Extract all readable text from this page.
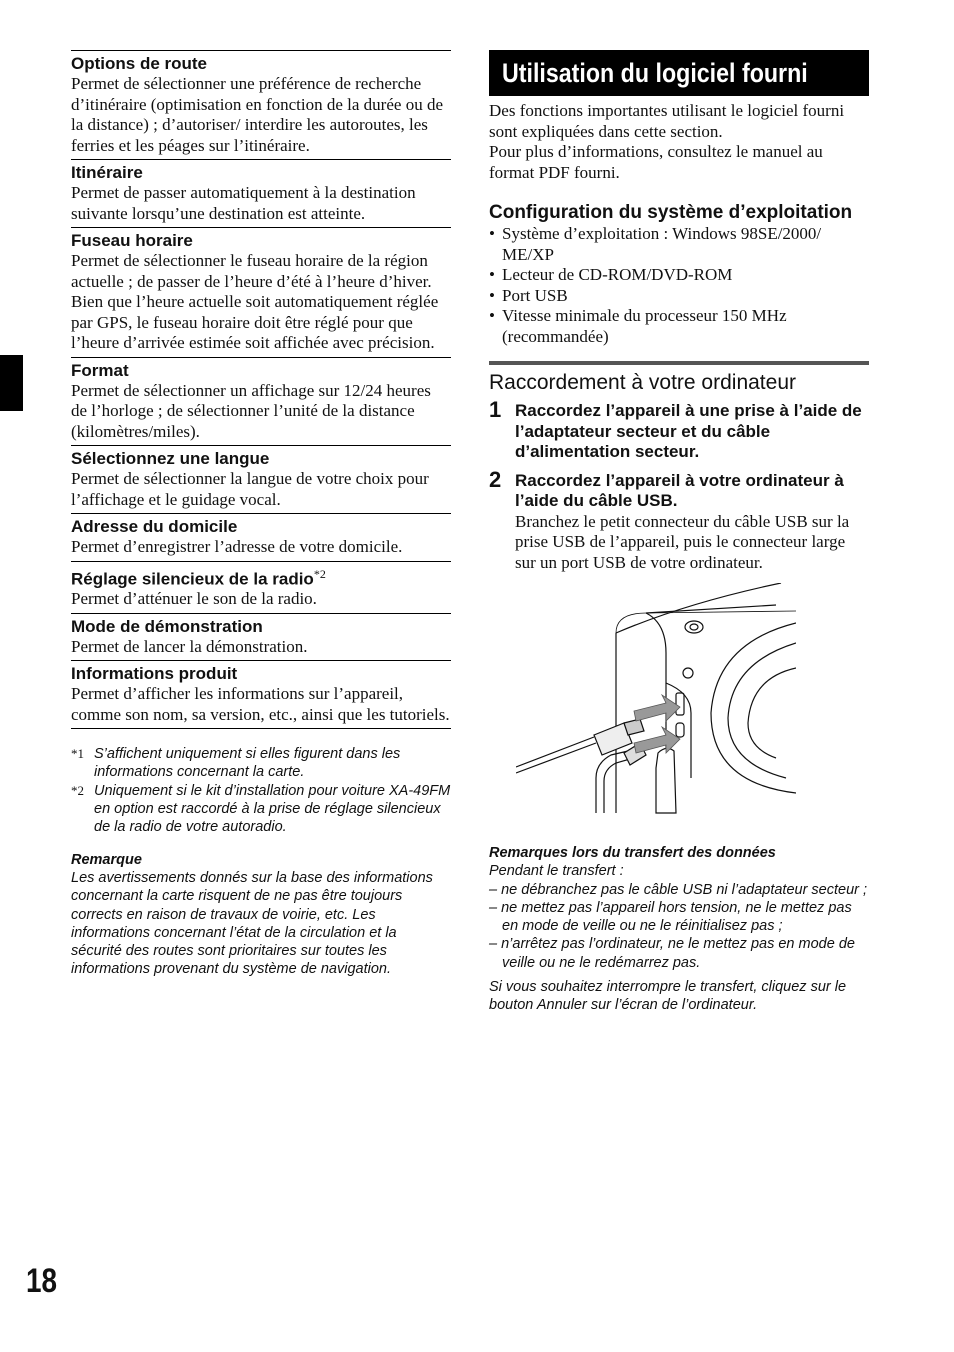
Options de route

Permet de sélectionner une préférence de recherche d’itinéraire (optimisation en fonction de la durée ou de la distance) ; d’autoriser/ interdire les autoroutes, les ferries et les péages sur l’itinéraire.

Itinéraire

Permet de passer automatiquement à la destination suivante lorsqu’une destination est atteinte.

Fuseau horaire

Permet de sélectionner le fuseau horaire de la région actuelle ; de passer de l’heure d’été à l’heure d’hiver.

Bien que l’heure actuelle soit automatiquement réglée par GPS, le fuseau horaire doit être réglé pour que l’heure d’arrivée estimée soit affichée avec précision.

Format

Permet de sélectionner un affichage sur 12/24 heures de l’horloge ; de sélectionner l’unité de la distance (kilomètres/miles).

Sélectionnez une langue

Permet de sélectionner la langue de votre choix pour l’affichage et le guidage vocal.

Adresse du domicile

Permet d’enregistrer l’adresse de votre domicile.

Réglage silencieux de la radio$^{*2}$

Permet d’atténuer le son de la radio.

Mode de démonstration

Permet de lancer la démonstration.

Informations produit

Permet d’afficher les informations sur l’appareil, comme son nom, sa version, etc., ainsi que les tutoriels.

*1 S’affichent uniquement si elles figurent dans les informations concernant la carte.
*2 Uniquement si le kit d’installation pour voiture XA-49FM en option est raccordé à la prise de réglage silencieux de la radio de votre autoradio.
Remarque
Les avertissements donnés sur la base des informations concernant la carte risquent de ne pas être toujours corrects en raison de travaux de voirie, etc. Les informations concernant l’état de la circulation et la sécurité des routes sont prioritaires sur toutes les informations provenant du système de navigation.
Utilisation du logiciel fourni

Des fonctions importantes utilisant le logiciel fourni sont expliquées dans cette section.

Pour plus d’informations, consultez le manuel au format PDF fourni.

Configuration du système d’exploitation
• Système d’exploitation : Windows 98SE/2000/ ME/XP
• Lecteur de CD-ROM/DVD-ROM
• Port USB
• Vitesse minimale du processeur 150 MHz (recommandée)
Raccordement à votre ordinateur
1 Raccordez l’appareil à une prise à l’aide de l’adaptateur secteur et du câble d’alimentation secteur.
2 Raccordez l’appareil à votre ordinateur à l’aide du câble USB.
Branchez le petit connecteur du câble USB sur la prise USB de l’appareil, puis le connecteur large sur un port USB de votre ordinateur.
Remarques lors du transfert des données
Pendant le transfert :
– ne débranchez pas le câble USB ni l’adaptateur secteur ;
– ne mettez pas l’appareil hors tension, ne le mettez pas en mode de veille ou ne le réinitialisez pas ;
– n’arrêtez pas l’ordinateur, ne le mettez pas en mode de veille ou ne le redémarrez pas.
Si vous souhaitez interrompre le transfert, cliquez sur le bouton Annuler sur l’écran de l’ordinateur.
18
